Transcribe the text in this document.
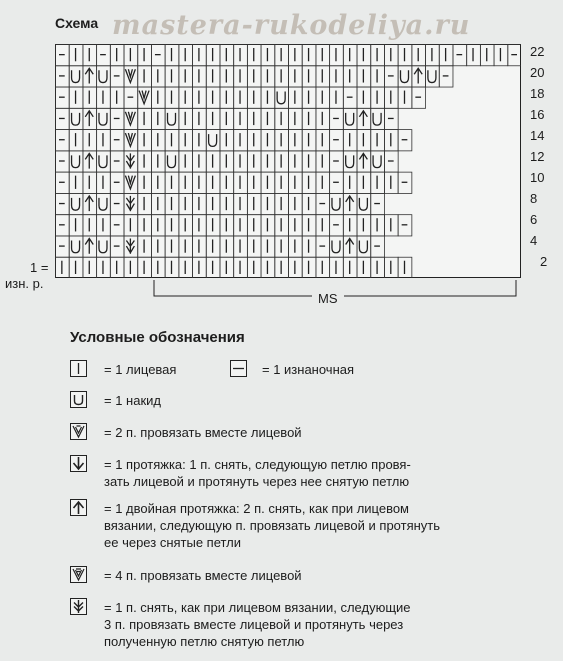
Схема mastera-rukodeliya.ru
22
20
18
16
14
12
10
8
6
4
2
1 =
изн. р.
MS
Условные обозначения
= 1 лицевая	= 1 изнаночная
= 1 накид
= 2 п. провязать вместе лицевой
= 1 протяжка: 1 п. снять, следующую петлю провя-
зать лицевой и протянуть через нее снятую петлю
= 1 двойная протяжка: 2 п. снять, как при лицевом
вязании, следующую п. провязать лицевой и протянуть
ее через снятые петли
= 4 п. провязать вместе лицевой
= 1 п. снять, как при лицевом вязании, следующие
3 п. провязать вместе лицевой и протянуть через
полученную петлю снятую петлю
